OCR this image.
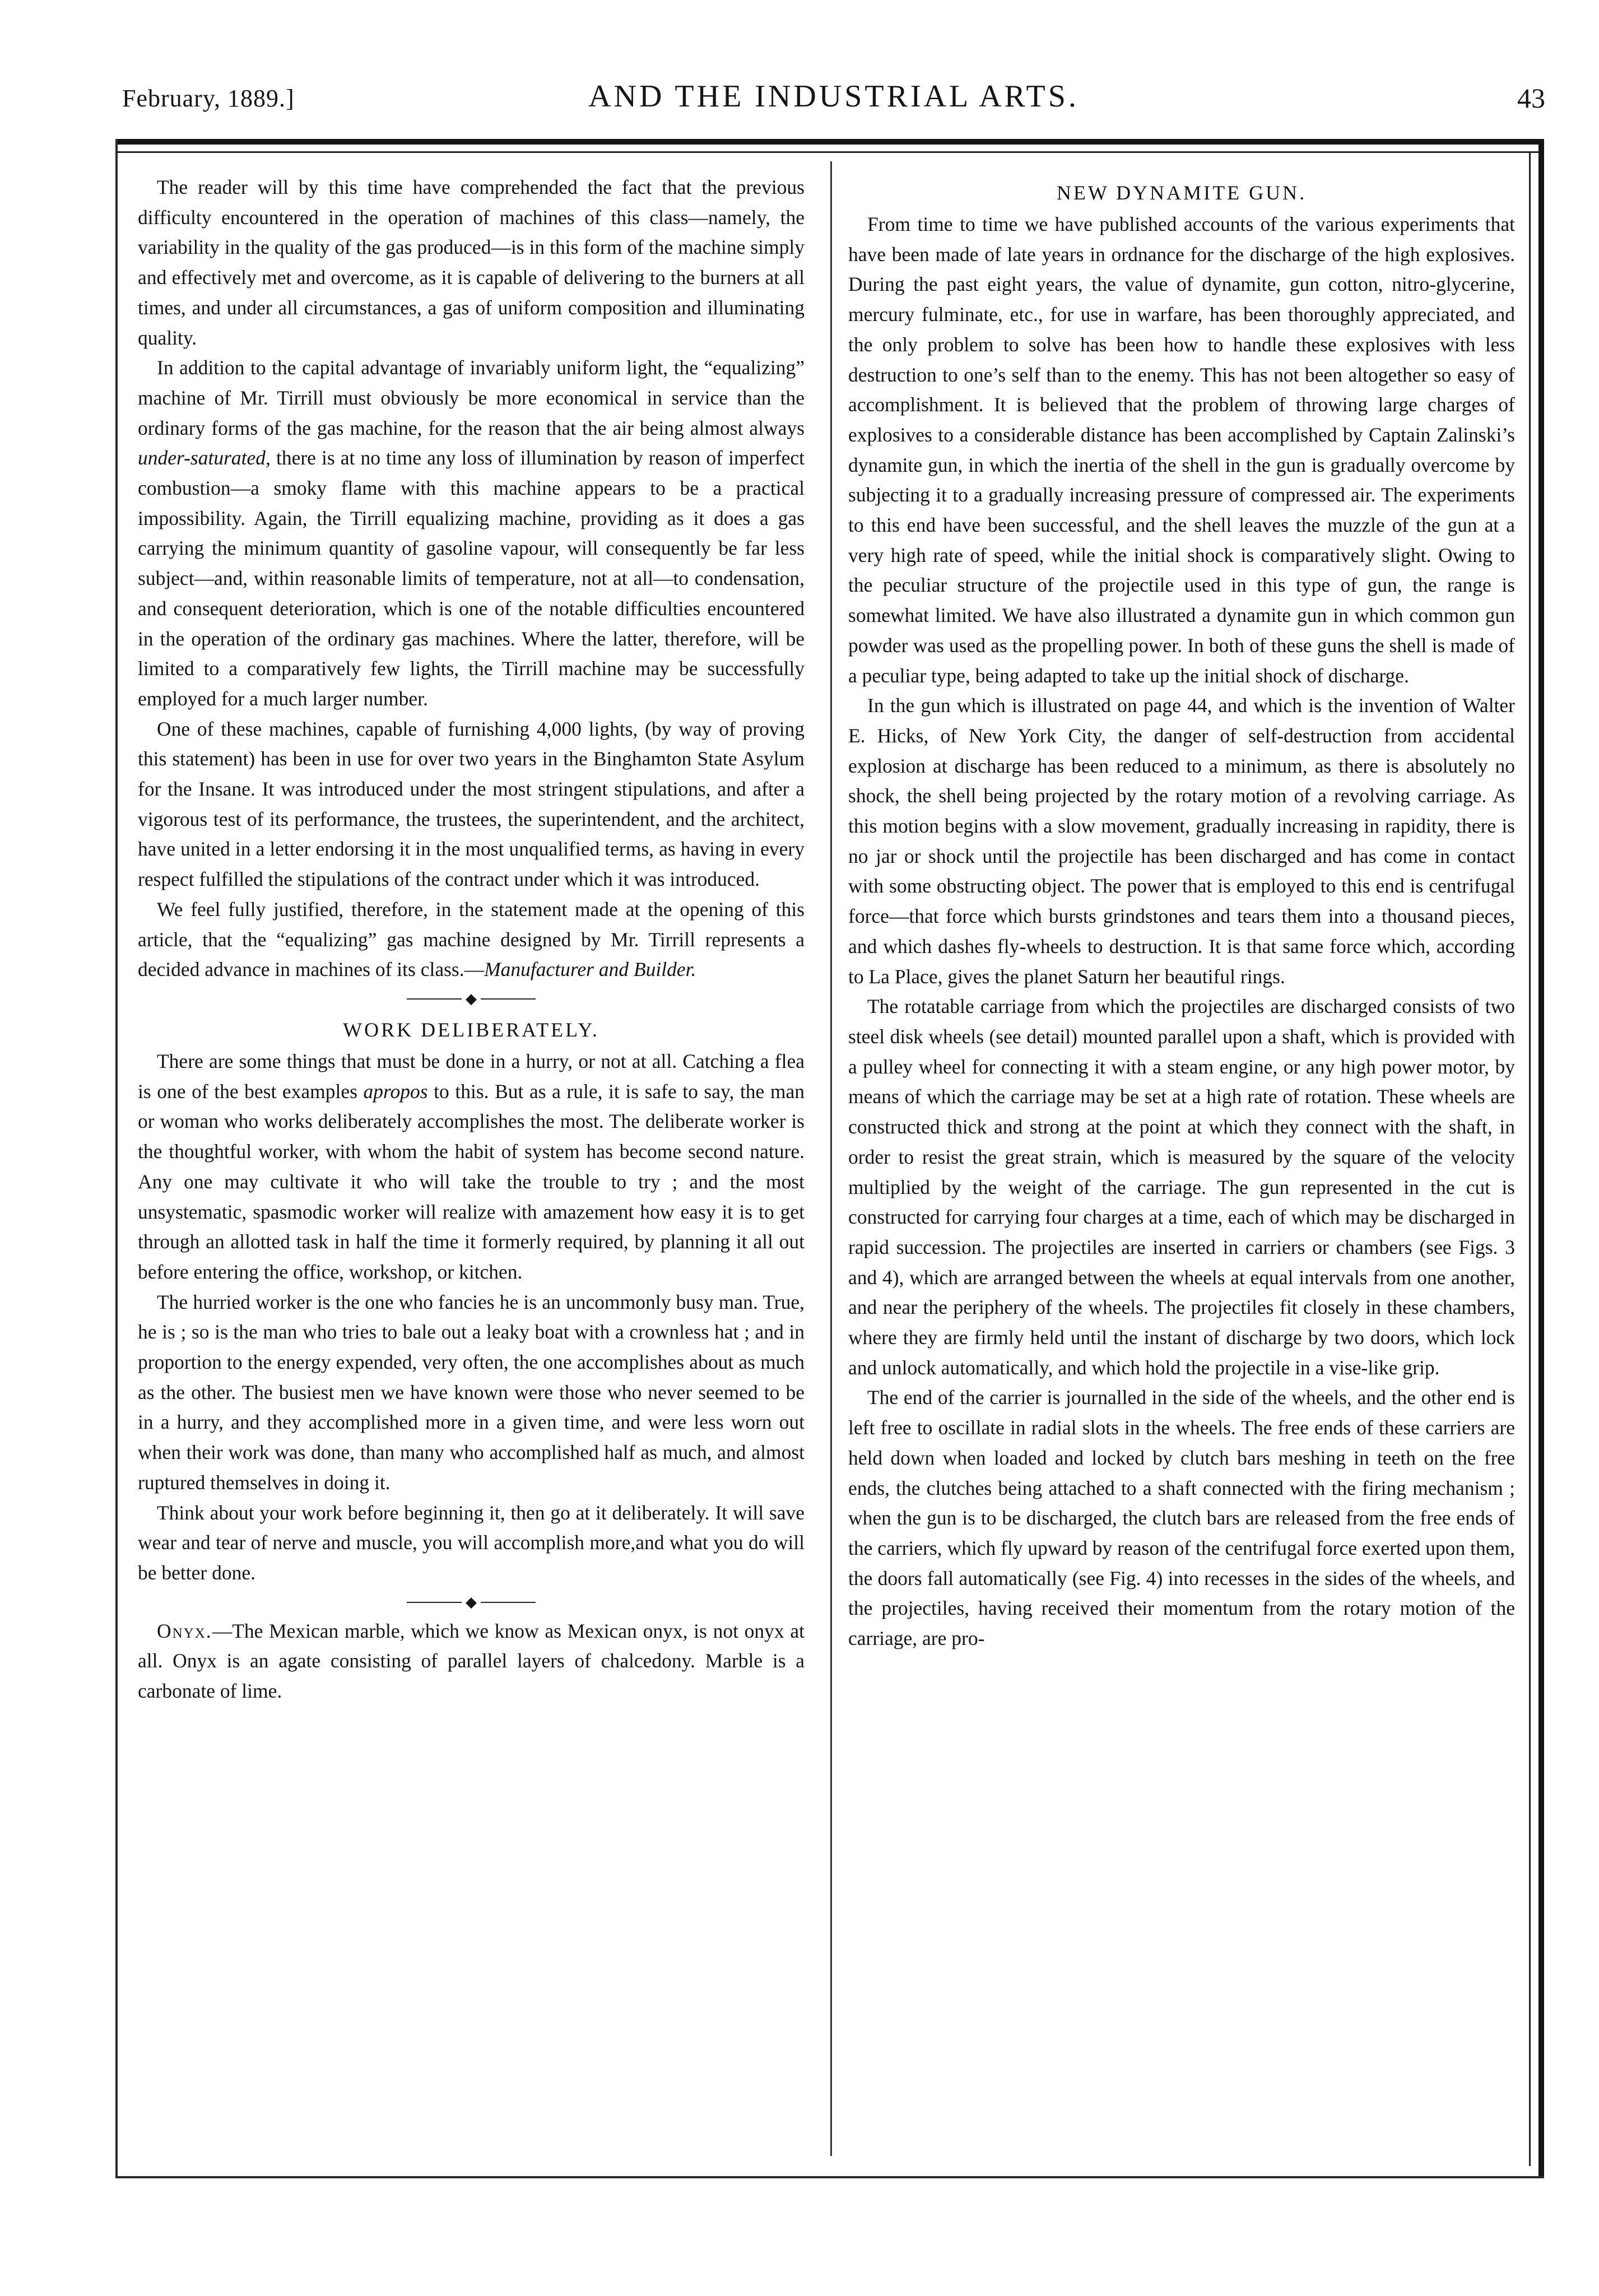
February, 1889.]	AND THE INDUSTRIAL ARTS.	43

The reader will by this time have comprehended the fact that the previous difficulty encountered in the operation of machines of this class—namely, the variability in the quality of the gas produced—is in this form of the machine simply and effectively met and overcome, as it is capable of delivering to the burners at all times, and under all circumstances, a gas of uniform composition and illuminating quality.

In addition to the capital advantage of invariably uniform light, the “equalizing” machine of Mr. Tirrill must obviously be more economical in service than the ordinary forms of the gas machine, for the reason that the air being almost always under-saturated, there is at no time any loss of illumination by reason of imperfect combustion—a smoky flame with this machine appears to be a practical impossibility. Again, the Tirrill equalizing machine, providing as it does a gas carrying the minimum quantity of gasoline vapour, will consequently be far less subject—and, within reasonable limits of temperature, not at all—to condensation, and consequent deterioration, which is one of the notable difficulties encountered in the operation of the ordinary gas machines. Where the latter, therefore, will be limited to a comparatively few lights, the Tirrill machine may be successfully employed for a much larger number.

One of these machines, capable of furnishing 4,000 lights, (by way of proving this statement) has been in use for over two years in the Binghamton State Asylum for the Insane. It was introduced under the most stringent stipulations, and after a vigorous test of its performance, the trustees, the superintendent, and the architect, have united in a letter endorsing it in the most unqualified terms, as having in every respect fulfilled the stipulations of the contract under which it was introduced.

We feel fully justified, therefore, in the statement made at the opening of this article, that the “equalizing” gas machine designed by Mr. Tirrill represents a decided advance in machines of its class.—Manufacturer and Builder.

◆
WORK DELIBERATELY.

There are some things that must be done in a hurry, or not at all. Catching a flea is one of the best examples apropos to this. But as a rule, it is safe to say, the man or woman who works deliberately accomplishes the most. The deliberate worker is the thoughtful worker, with whom the habit of system has become second nature. Any one may cultivate it who will take the trouble to try ; and the most unsystematic, spasmodic worker will realize with amazement how easy it is to get through an allotted task in half the time it formerly required, by planning it all out before entering the office, workshop, or kitchen.

The hurried worker is the one who fancies he is an uncommonly busy man. True, he is ; so is the man who tries to bale out a leaky boat with a crownless hat ; and in proportion to the energy expended, very often, the one accomplishes about as much as the other. The busiest men we have known were those who never seemed to be in a hurry, and they accomplished more in a given time, and were less worn out when their work was done, than many who accomplished half as much, and almost ruptured themselves in doing it.

Think about your work before beginning it, then go at it deliberately. It will save wear and tear of nerve and muscle, you will accomplish more,and what you do will be better done.

◆

Onyx.—The Mexican marble, which we know as Mexican onyx, is not onyx at all. Onyx is an agate consisting of parallel layers of chalcedony. Marble is a carbonate of lime.

NEW DYNAMITE GUN.

From time to time we have published accounts of the various experiments that have been made of late years in ordnance for the discharge of the high explosives. During the past eight years, the value of dynamite, gun cotton, nitro-glycerine, mercury fulminate, etc., for use in warfare, has been thoroughly appreciated, and the only problem to solve has been how to handle these explosives with less destruction to one’s self than to the enemy. This has not been altogether so easy of accomplishment. It is believed that the problem of throwing large charges of explosives to a considerable distance has been accomplished by Captain Zalinski’s dynamite gun, in which the inertia of the shell in the gun is gradually overcome by subjecting it to a gradually increasing pressure of compressed air. The experiments to this end have been successful, and the shell leaves the muzzle of the gun at a very high rate of speed, while the initial shock is comparatively slight. Owing to the peculiar structure of the projectile used in this type of gun, the range is somewhat limited. We have also illustrated a dynamite gun in which common gun powder was used as the propelling power. In both of these guns the shell is made of a peculiar type, being adapted to take up the initial shock of discharge.

In the gun which is illustrated on page 44, and which is the invention of Walter E. Hicks, of New York City, the danger of self-destruction from accidental explosion at discharge has been reduced to a minimum, as there is absolutely no shock, the shell being projected by the rotary motion of a revolving carriage. As this motion begins with a slow movement, gradually increasing in rapidity, there is no jar or shock until the projectile has been discharged and has come in contact with some obstructing object. The power that is employed to this end is centrifugal force—that force which bursts grindstones and tears them into a thousand pieces, and which dashes fly-wheels to destruction. It is that same force which, according to La Place, gives the planet Saturn her beautiful rings.

The rotatable carriage from which the projectiles are discharged consists of two steel disk wheels (see detail) mounted parallel upon a shaft, which is provided with a pulley wheel for connecting it with a steam engine, or any high power motor, by means of which the carriage may be set at a high rate of rotation. These wheels are constructed thick and strong at the point at which they connect with the shaft, in order to resist the great strain, which is measured by the square of the velocity multiplied by the weight of the carriage. The gun represented in the cut is constructed for carrying four charges at a time, each of which may be discharged in rapid succession. The projectiles are inserted in carriers or chambers (see Figs. 3 and 4), which are arranged between the wheels at equal intervals from one another, and near the periphery of the wheels. The projectiles fit closely in these chambers, where they are firmly held until the instant of discharge by two doors, which lock and unlock automatically, and which hold the projectile in a vise-like grip.

The end of the carrier is journalled in the side of the wheels, and the other end is left free to oscillate in radial slots in the wheels. The free ends of these carriers are held down when loaded and locked by clutch bars meshing in teeth on the free ends, the clutches being attached to a shaft connected with the firing mechanism ; when the gun is to be discharged, the clutch bars are released from the free ends of the carriers, which fly upward by reason of the centrifugal force exerted upon them, the doors fall automatically (see Fig. 4) into recesses in the sides of the wheels, and the projectiles, having received their momentum from the rotary motion of the carriage, are pro-
